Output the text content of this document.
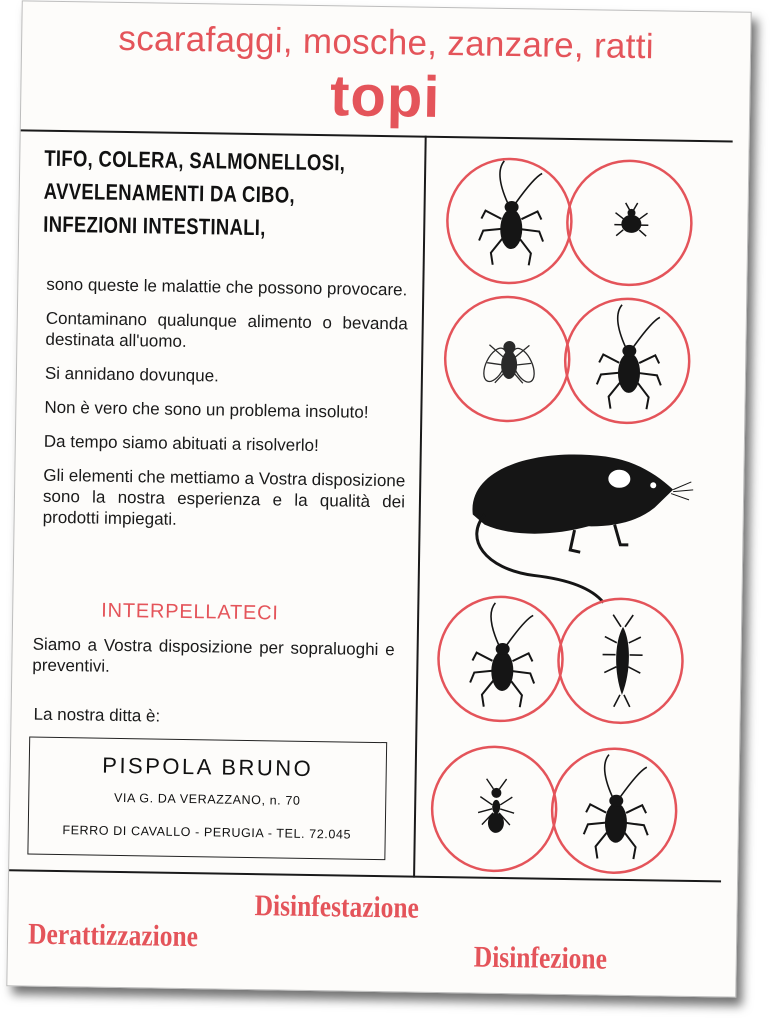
scarafaggi, mosche, zanzare, ratti
topi
TIFO, COLERA, SALMONELLOSI,
AVVELENAMENTI DA CIBO,
INFEZIONI INTESTINALI,

sono queste le malattie che possono provocare.

Contaminano qualunque alimento o bevanda destinata all'uomo.

Si annidano dovunque.

Non è vero che sono un problema insoluto!

Da tempo siamo abituati a risolverlo!

Gli elementi che mettiamo a Vostra disposizione sono la nostra esperienza e la qualità dei prodotti impiegati.

INTERPELLATECI
Siamo a Vostra disposizione per sopraluoghi e preventivi.
La nostra ditta è:
PISPOLA BRUNO
VIA G. DA VERAZZANO, n. 70
FERRO DI CAVALLO - PERUGIA - TEL. 72.045
Disinfestazione
Derattizzazione
Disinfezione
